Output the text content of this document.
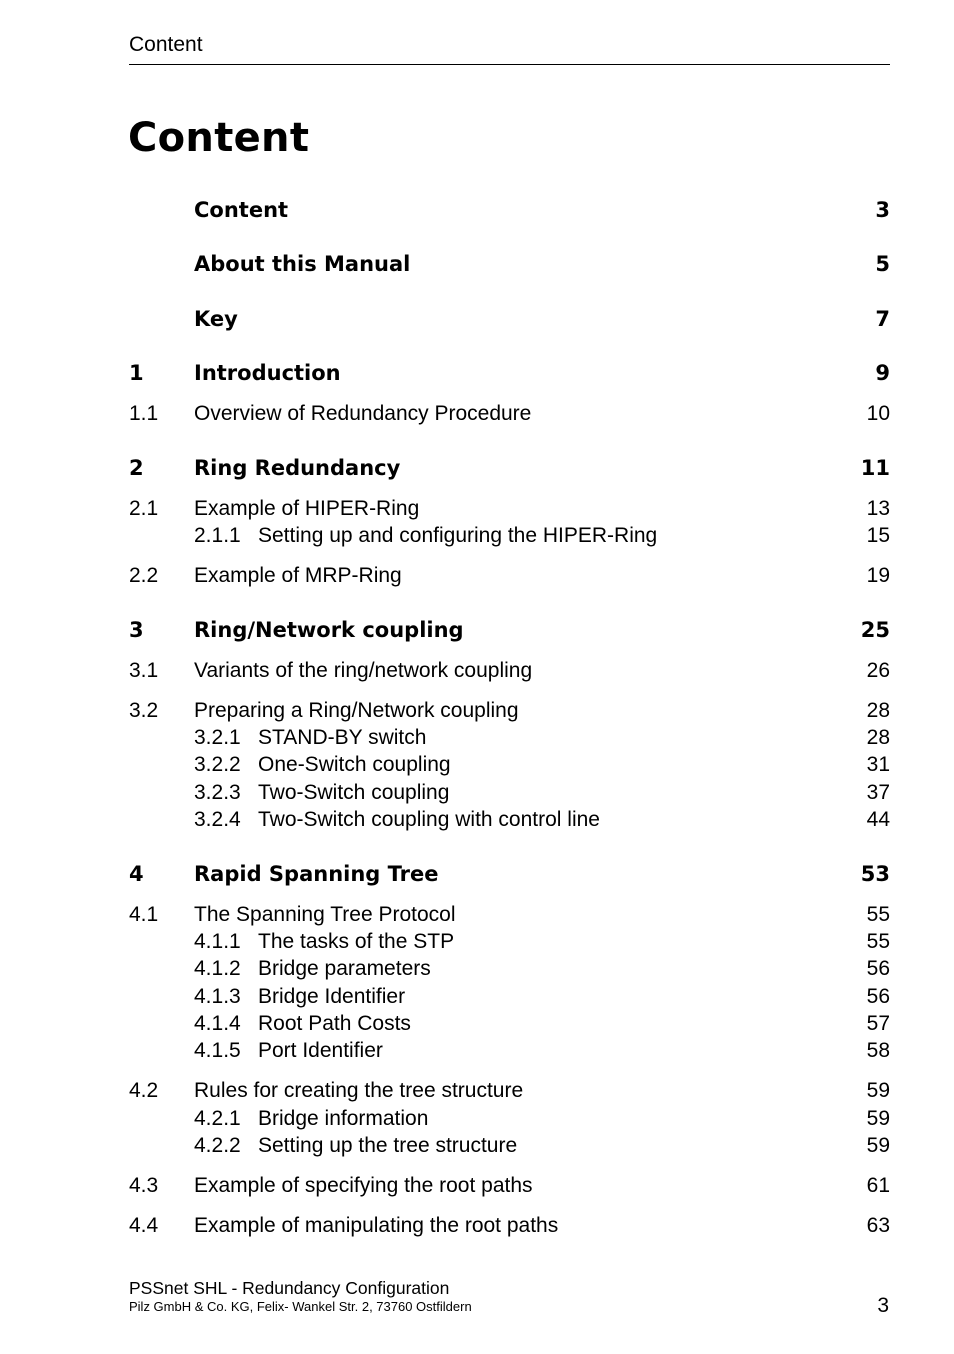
Content
Content
Content	3
About this Manual	5
Key	7
1 Introduction	9
1.1 Overview of Redundancy Procedure	10
2 Ring Redundancy	11
2.1 Example of HIPER-Ring	13
2.1.1 Setting up and configuring the HIPER-Ring	15
2.2 Example of MRP-Ring	19
3 Ring/Network coupling	25
3.1 Variants of the ring/network coupling	26
3.2 Preparing a Ring/Network coupling	28
3.2.1 STAND-BY switch	28
3.2.2 One-Switch coupling	31
3.2.3 Two-Switch coupling	37
3.2.4 Two-Switch coupling with control line	44
4 Rapid Spanning Tree	53
4.1 The Spanning Tree Protocol	55
4.1.1 The tasks of the STP	55
4.1.2 Bridge parameters	56
4.1.3 Bridge Identifier	56
4.1.4 Root Path Costs	57
4.1.5 Port Identifier	58
4.2 Rules for creating the tree structure	59
4.2.1 Bridge information	59
4.2.2 Setting up the tree structure	59
4.3 Example of specifying the root paths	61
4.4 Example of manipulating the root paths	63
PSSnet SHL - Redundancy Configuration
Pilz GmbH & Co. KG, Felix- Wankel Str. 2, 73760 Ostfildern	3
